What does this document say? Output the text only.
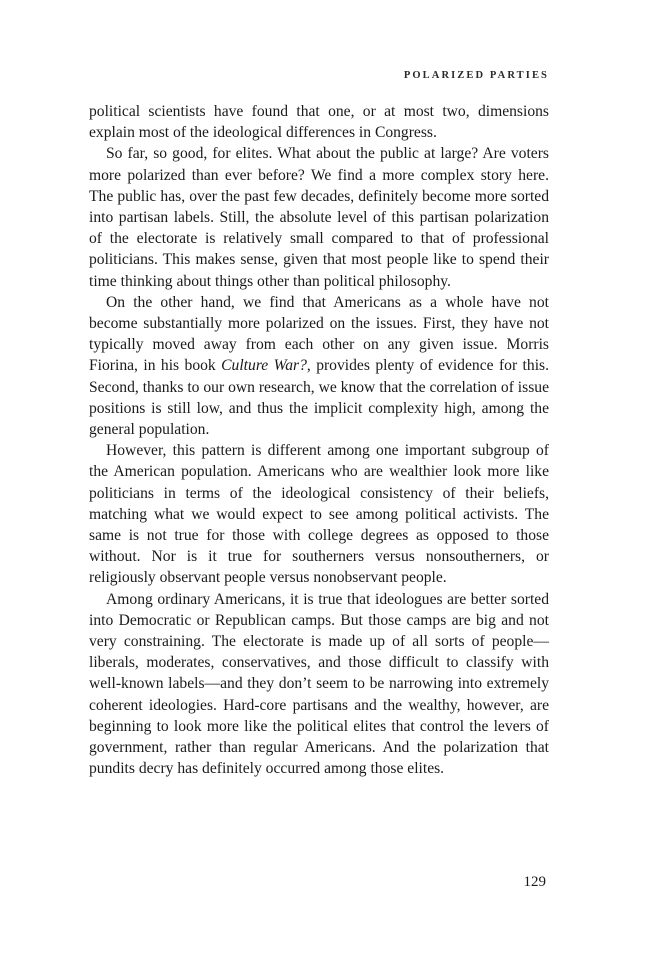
POLARIZED PARTIES

political scientists have found that one, or at most two, dimensions explain most of the ideological differences in Congress.

So far, so good, for elites. What about the public at large? Are voters more polarized than ever before? We find a more complex story here. The public has, over the past few decades, definitely become more sorted into partisan labels. Still, the absolute level of this partisan polarization of the electorate is relatively small compared to that of professional politicians. This makes sense, given that most people like to spend their time thinking about things other than political philosophy.

On the other hand, we find that Americans as a whole have not become substantially more polarized on the issues. First, they have not typically moved away from each other on any given issue. Morris Fiorina, in his book Culture War?, provides plenty of evidence for this. Second, thanks to our own research, we know that the correlation of issue positions is still low, and thus the implicit complexity high, among the general population.

However, this pattern is different among one important subgroup of the American population. Americans who are wealthier look more like politicians in terms of the ideological consistency of their beliefs, matching what we would expect to see among political activists. The same is not true for those with college degrees as opposed to those without. Nor is it true for southerners versus nonsoutherners, or religiously observant people versus nonobservant people.

Among ordinary Americans, it is true that ideologues are better sorted into Democratic or Republican camps. But those camps are big and not very constraining. The electorate is made up of all sorts of people—liberals, moderates, conservatives, and those difficult to classify with well-known labels—and they don’t seem to be narrowing into extremely coherent ideologies. Hard-core partisans and the wealthy, however, are beginning to look more like the political elites that control the levers of government, rather than regular Americans. And the polarization that pundits decry has definitely occurred among those elites.

129
